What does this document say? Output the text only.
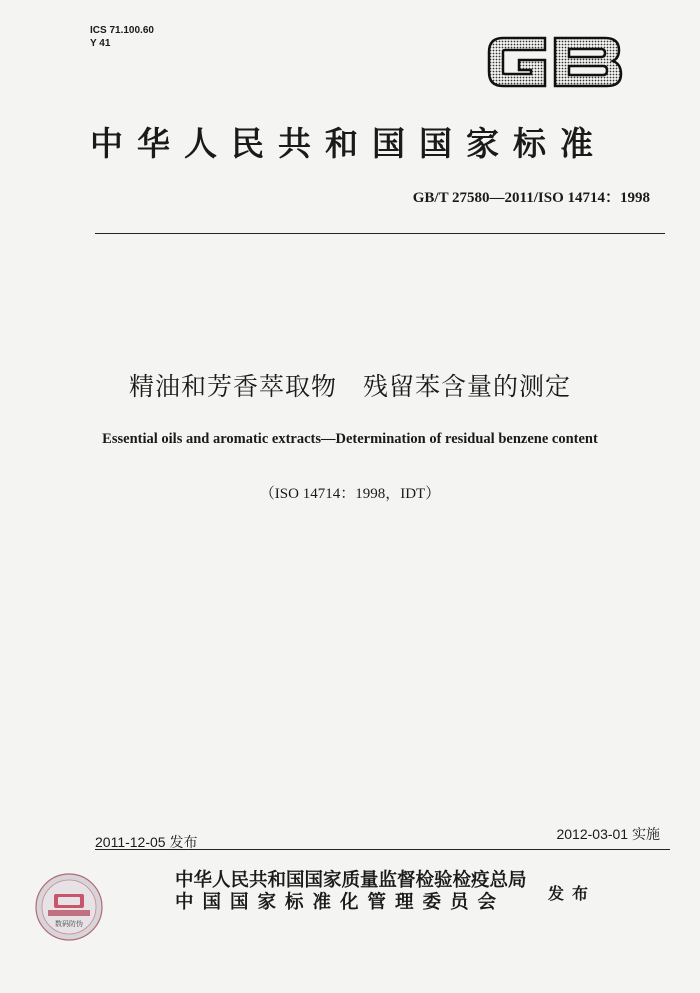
ICS 71.100.60
Y 41
中华人民共和国国家标准
GB/T 27580—2011/ISO 14714：1998
精油和芳香萃取物　残留苯含量的测定
Essential oils and aromatic extracts—Determination of residual benzene content
（ISO 14714：1998，IDT）
2011-12-05 发布	2012-03-01 实施
数码防伪
中华人民共和国国家质量监督检验检疫总局
中国国家标准化管理委员会	发布
